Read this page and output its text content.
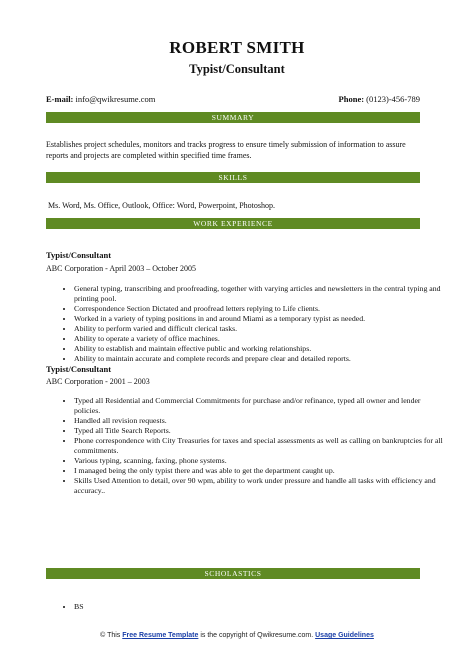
ROBERT SMITH
Typist/Consultant
E-mail: info@qwikresume.com	Phone: (0123)-456-789
SUMMARY
Establishes project schedules, monitors and tracks progress to ensure timely submission of information to assure reports and projects are completed within specified time frames.
SKILLS
Ms. Word, Ms. Office, Outlook, Office: Word, Powerpoint, Photoshop.
WORK EXPERIENCE
Typist/Consultant
ABC Corporation - April 2003 – October 2005
• General typing, transcribing and proofreading, together with varying articles and newsletters in the central typing and printing pool.
• Correspondence Section Dictated and proofread letters replying to Life clients.
• Worked in a variety of typing positions in and around Miami as a temporary typist as needed.
• Ability to perform varied and difficult clerical tasks.
• Ability to operate a variety of office machines.
• Ability to establish and maintain effective public and working relationships.
• Ability to maintain accurate and complete records and prepare clear and detailed reports.
Typist/Consultant
ABC Corporation - 2001 – 2003
• Typed all Residential and Commercial Commitments for purchase and/or refinance, typed all owner and lender policies.
• Handled all revision requests.
• Typed all Title Search Reports.
• Phone correspondence with City Treasuries for taxes and special assessments as well as calling on bankruptcies for all commitments.
• Various typing, scanning, faxing, phone systems.
• I managed being the only typist there and was able to get the department caught up.
• Skills Used Attention to detail, over 90 wpm, ability to work under pressure and handle all tasks with efficiency and accuracy..
SCHOLASTICS
• BS
© This Free Resume Template is the copyright of Qwikresume.com. Usage Guidelines
